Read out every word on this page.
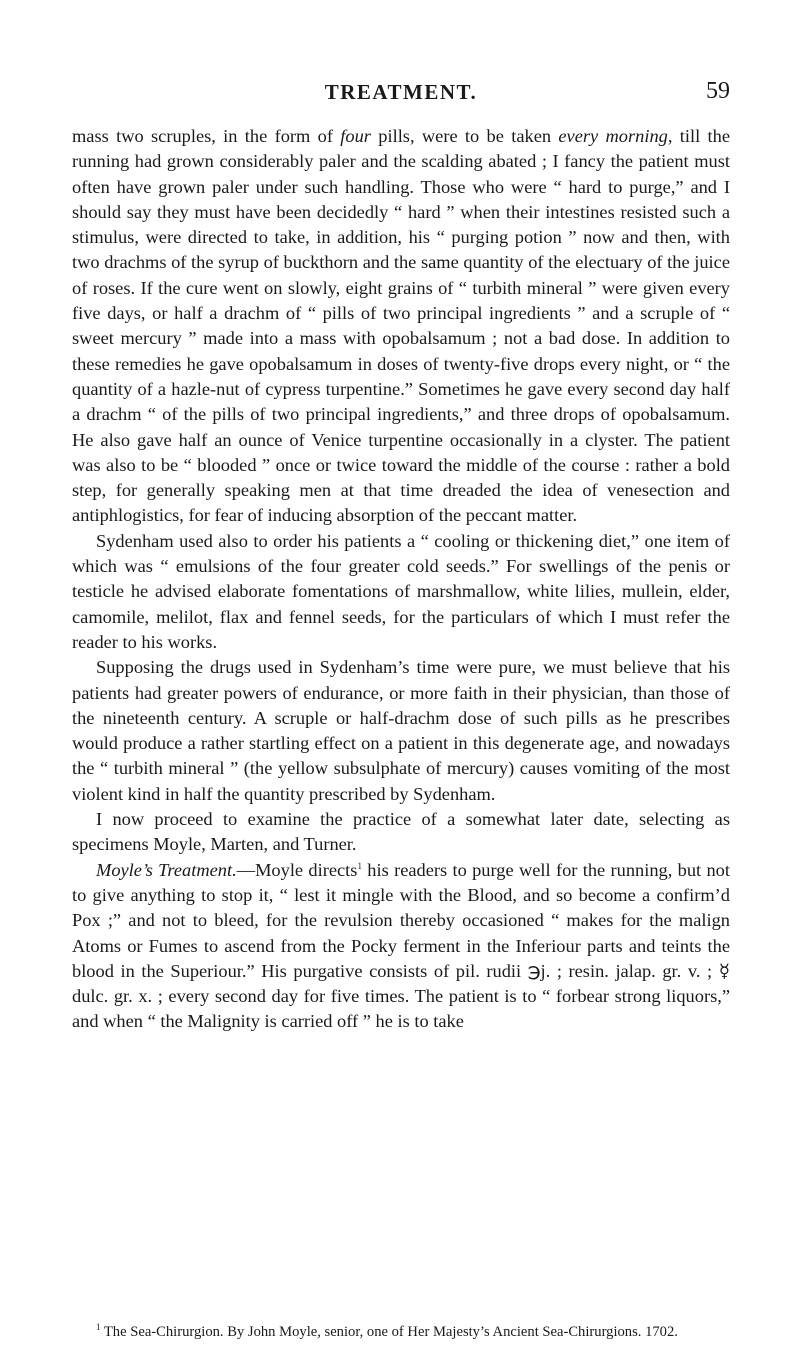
TREATMENT.	59

mass two scruples, in the form of four pills, were to be taken every morning, till the running had grown considerably paler and the scalding abated ; I fancy the patient must often have grown paler under such handling. Those who were “ hard to purge,” and I should say they must have been decidedly “ hard ” when their intestines resisted such a stimulus, were directed to take, in addition, his “ purging potion ” now and then, with two drachms of the syrup of buckthorn and the same quantity of the electuary of the juice of roses. If the cure went on slowly, eight grains of “ turbith mineral ” were given every five days, or half a drachm of “ pills of two principal ingredients ” and a scruple of “ sweet mercury ” made into a mass with opobalsamum ; not a bad dose. In addition to these remedies he gave opobalsamum in doses of twenty-five drops every night, or “ the quantity of a hazle-nut of cypress turpentine.” Sometimes he gave every second day half a drachm “ of the pills of two principal ingredients,” and three drops of opobalsamum. He also gave half an ounce of Venice turpentine occasionally in a clyster. The patient was also to be “ blooded ” once or twice toward the middle of the course : rather a bold step, for generally speaking men at that time dreaded the idea of venesection and antiphlogistics, for fear of inducing absorption of the peccant matter.

Sydenham used also to order his patients a “ cooling or thickening diet,” one item of which was “ emulsions of the four greater cold seeds.” For swellings of the penis or testicle he advised elaborate fomentations of marshmallow, white lilies, mullein, elder, camomile, melilot, flax and fennel seeds, for the particulars of which I must refer the reader to his works.

Supposing the drugs used in Sydenham’s time were pure, we must believe that his patients had greater powers of endurance, or more faith in their physician, than those of the nineteenth century. A scruple or half-drachm dose of such pills as he prescribes would produce a rather startling effect on a patient in this degenerate age, and nowadays the “ turbith mineral ” (the yellow subsulphate of mercury) causes vomiting of the most violent kind in half the quantity prescribed by Sydenham.

I now proceed to examine the practice of a somewhat later date, selecting as specimens Moyle, Marten, and Turner.

Moyle’s Treatment.—Moyle directs$^1$ his readers to purge well for the running, but not to give anything to stop it, “ lest it mingle with the Blood, and so become a confirm’d Pox ;” and not to bleed, for the revulsion thereby occasioned “ makes for the malign Atoms or Fumes to ascend from the Pocky ferment in the Inferiour parts and teints the blood in the Superiour.” His purgative consists of pil. rudii ℈j. ; resin. jalap. gr. v. ; ☿ dulc. gr. x. ; every second day for five times. The patient is to “ forbear strong liquors,” and when “ the Malignity is carried off ” he is to take

$^1$ The Sea-Chirurgion. By John Moyle, senior, one of Her Majesty’s Ancient Sea-Chirurgions. 1702.
